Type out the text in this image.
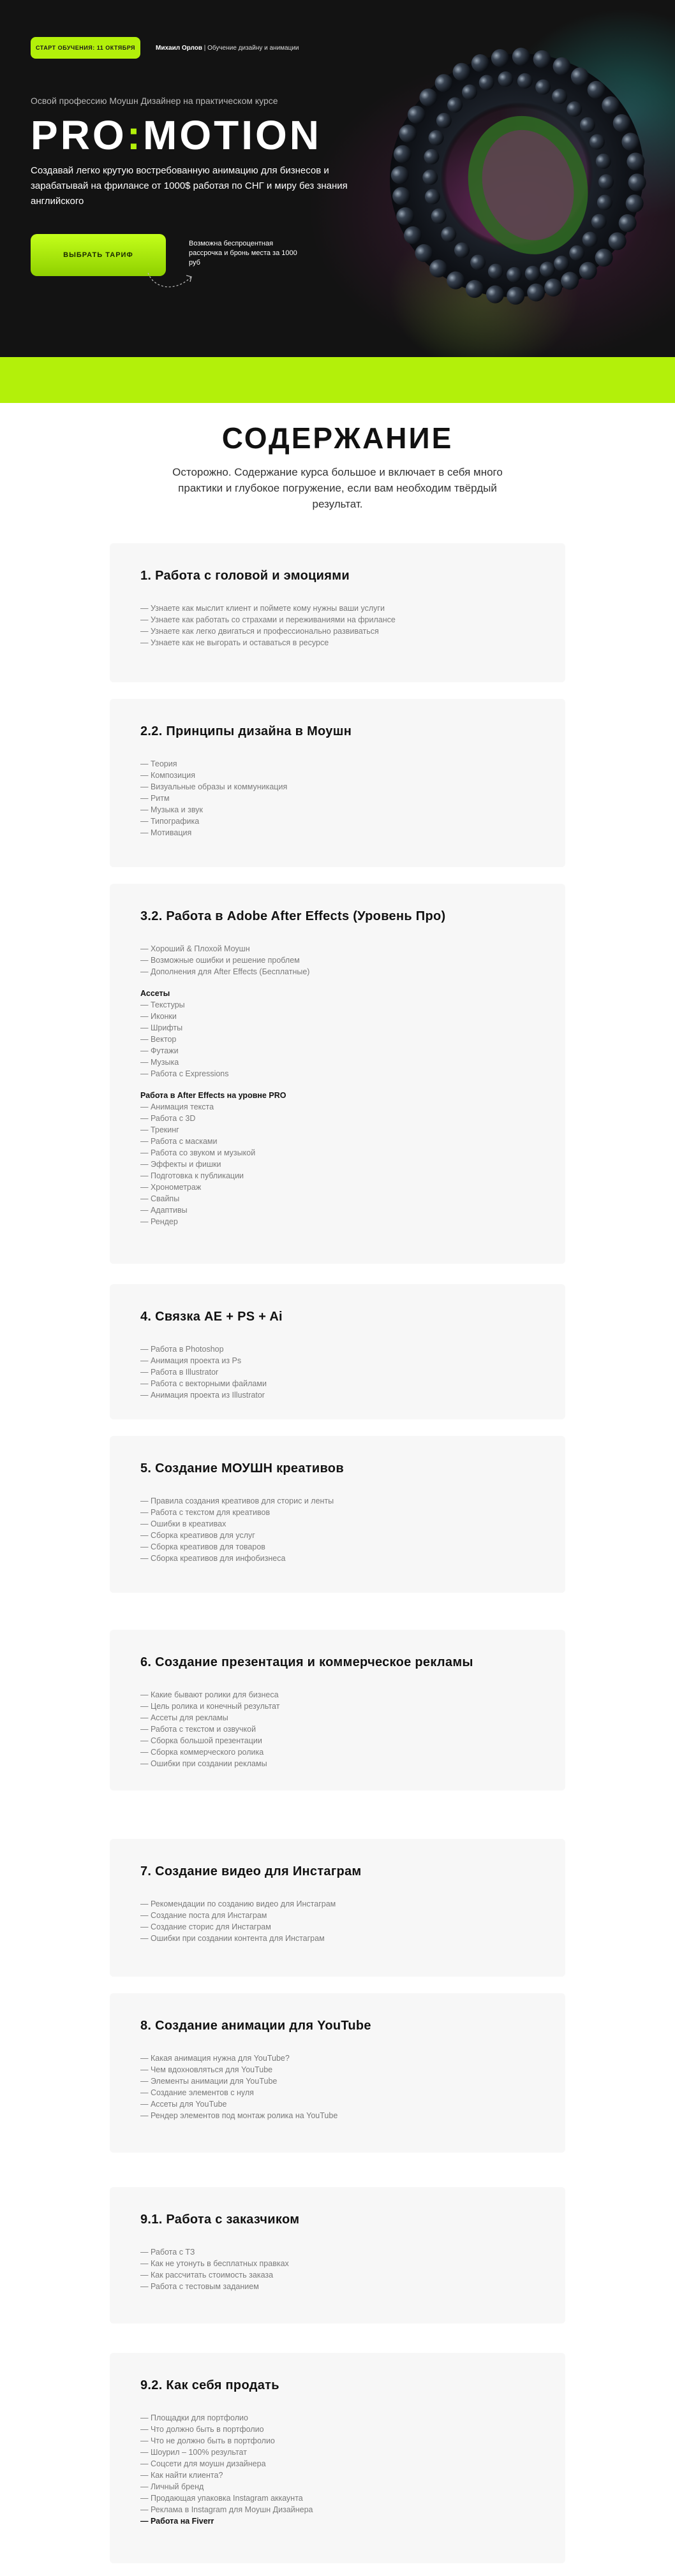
СТАРТ ОБУЧЕНИЯ: 11 ОКТЯБРЯ	Михаил Орлов | Обучение дизайну и анимации
Освой профессию Моушн Дизайнер на практическом курсе
PRO:MOTION

Создавай легко крутую востребованную анимацию для бизнесов и зарабатывай на фрилансе от 1000$ работая по СНГ и миру без знания английского

ВЫБРАТЬ ТАРИФ
Возможна беспроцентная рассрочка и бронь места за 1000 руб
СОДЕРЖАНИЕ

Осторожно. Содержание курса большое и включает в себя много практики и глубокое погружение, если вам необходим твёрдый результат.

1. Работа с головой и эмоциями
— Узнаете как мыслит клиент и поймете кому нужны ваши услуги
— Узнаете как работать со страхами и переживаниями на фрилансе
— Узнаете как легко двигаться и профессионально развиваться
— Узнаете как не выгорать и оставаться в ресурсе
2.2. Принципы дизайна в Моушн
— Теория
— Композиция
— Визуальные образы и коммуникация
— Ритм
— Музыка и звук
— Типографика
— Мотивация
3.2. Работа в Adobe After Effects (Уровень Про)
— Хороший & Плохой Моушн
— Возможные ошибки и решение проблем
— Дополнения для After Effects (Бесплатные)
Ассеты
— Текстуры
— Иконки
— Шрифты
— Вектор
— Футажи
— Музыка
— Работа с Expressions
Работа в After Effects на уровне PRO
— Анимация текста
— Работа с 3D
— Трекинг
— Работа с масками
— Работа со звуком и музыкой
— Эффекты и фишки
— Подготовка к публикации
— Хронометраж
— Свайпы
— Адаптивы
— Рендер
4. Связка AE + PS + Ai
— Работа в Photoshop
— Анимация проекта из Ps
— Работа в Illustrator
— Работа с векторными файлами
— Анимация проекта из Illustrator
5. Создание МОУШН креативов
— Правила создания креативов для сторис и ленты
— Работа с текстом для креативов
— Ошибки в креативах
— Сборка креативов для услуг
— Сборка креативов для товаров
— Сборка креативов для инфобизнеса
6. Создание презентация и коммерческое рекламы
— Какие бывают ролики для бизнеса
— Цель ролика и конечный результат
— Ассеты для рекламы
— Работа с текстом и озвучкой
— Сборка большой презентации
— Сборка коммерческого ролика
— Ошибки при создании рекламы
7. Создание видео для Инстаграм
— Рекомендации по созданию видео для Инстаграм
— Создание поста для Инстаграм
— Создание сторис для Инстаграм
— Ошибки при создании контента для Инстаграм
8. Создание анимации для YouTube
— Какая анимация нужна для YouTube?
— Чем вдохновляться для YouTube
— Элементы анимации для YouTube
— Создание элементов с нуля
— Ассеты для YouTube
— Рендер элементов под монтаж ролика на YouTube
9.1. Работа с заказчиком
— Работа с ТЗ
— Как не утонуть в бесплатных правках
— Как рассчитать стоимость заказа
— Работа с тестовым заданием
9.2. Как себя продать
— Площадки для портфолио
— Что должно быть в портфолио
— Что не должно быть в портфолио
— Шоурил – 100% результат
— Соцсети для моушн дизайнера
— Как найти клиента?
— Личный бренд
— Продающая упаковка Instagram аккаунта
— Реклама в Instagram для Моушн Дизайнера
— Работа на Fiverr
